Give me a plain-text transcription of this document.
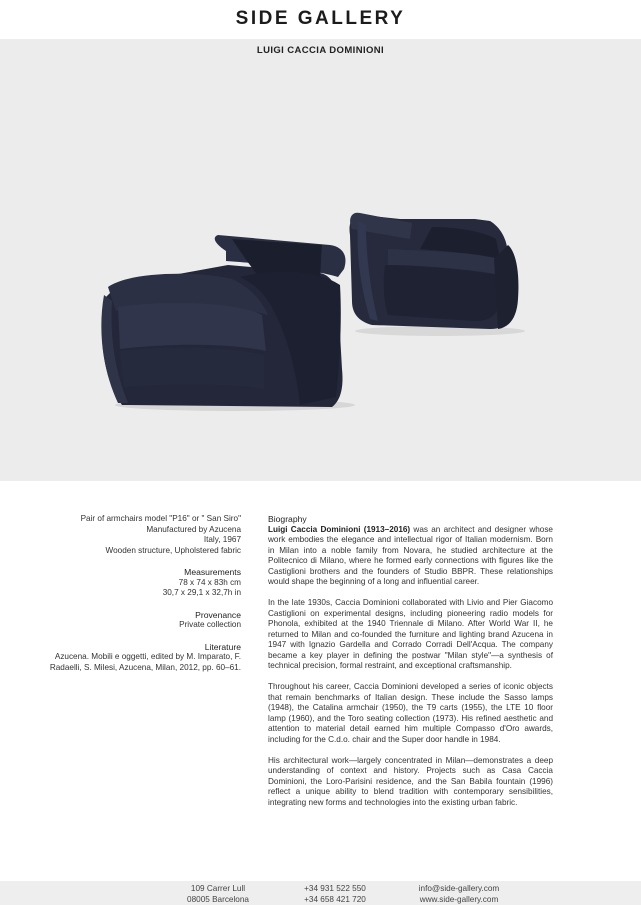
SIDE GALLERY
LUIGI CACCIA DOMINIONI
Pair of armchairs model "P16" or " San Siro"
Manufactured by Azucena
Italy, 1967
Wooden structure, Upholstered fabric
Measurements
78 x 74 x 83h cm
30,7 x 29,1 x 32,7h in
Provenance
Private collection
Literature
Azucena. Mobili e oggetti, edited by M. Imparato, F.
Radaelli, S. Milesi, Azucena, Milan, 2012, pp. 60–61.
Biography

Luigi Caccia Dominioni (1913–2016) was an architect and designer whose work embodies the elegance and intellectual rigor of Italian modernism. Born in Milan into a noble family from Novara, he studied architecture at the Politecnico di Milano, where he formed early connections with figures like the Castiglioni brothers and the founders of Studio BBPR. These relationships would shape the beginning of a long and influential career.

In the late 1930s, Caccia Dominioni collaborated with Livio and Pier Giacomo Castiglioni on experimental designs, including pioneering radio models for Phonola, exhibited at the 1940 Triennale di Milano. After World War II, he returned to Milan and co-founded the furniture and lighting brand Azucena in 1947 with Ignazio Gardella and Corrado Corradi Dell'Acqua. The company became a key player in defining the postwar "Milan style"—a synthesis of technical precision, formal restraint, and exceptional craftsmanship.

Throughout his career, Caccia Dominioni developed a series of iconic objects that remain benchmarks of Italian design. These include the Sasso lamps (1948), the Catalina armchair (1950), the T9 carts (1955), the LTE 10 floor lamp (1960), and the Toro seating collection (1973). His refined aesthetic and attention to material detail earned him multiple Compasso d'Oro awards, including for the C.d.o. chair and the Super door handle in 1984.

His architectural work—largely concentrated in Milan—demonstrates a deep understanding of context and history. Projects such as Casa Caccia Dominioni, the Loro-Parisini residence, and the San Babila fountain (1996) reflect a unique ability to blend tradition with contemporary sensibilities, integrating new forms and technologies into the existing urban fabric.

109 Carrer Lull
08005 Barcelona
+34 931 522 550
+34 658 421 720
info@side-gallery.com
www.side-gallery.com
